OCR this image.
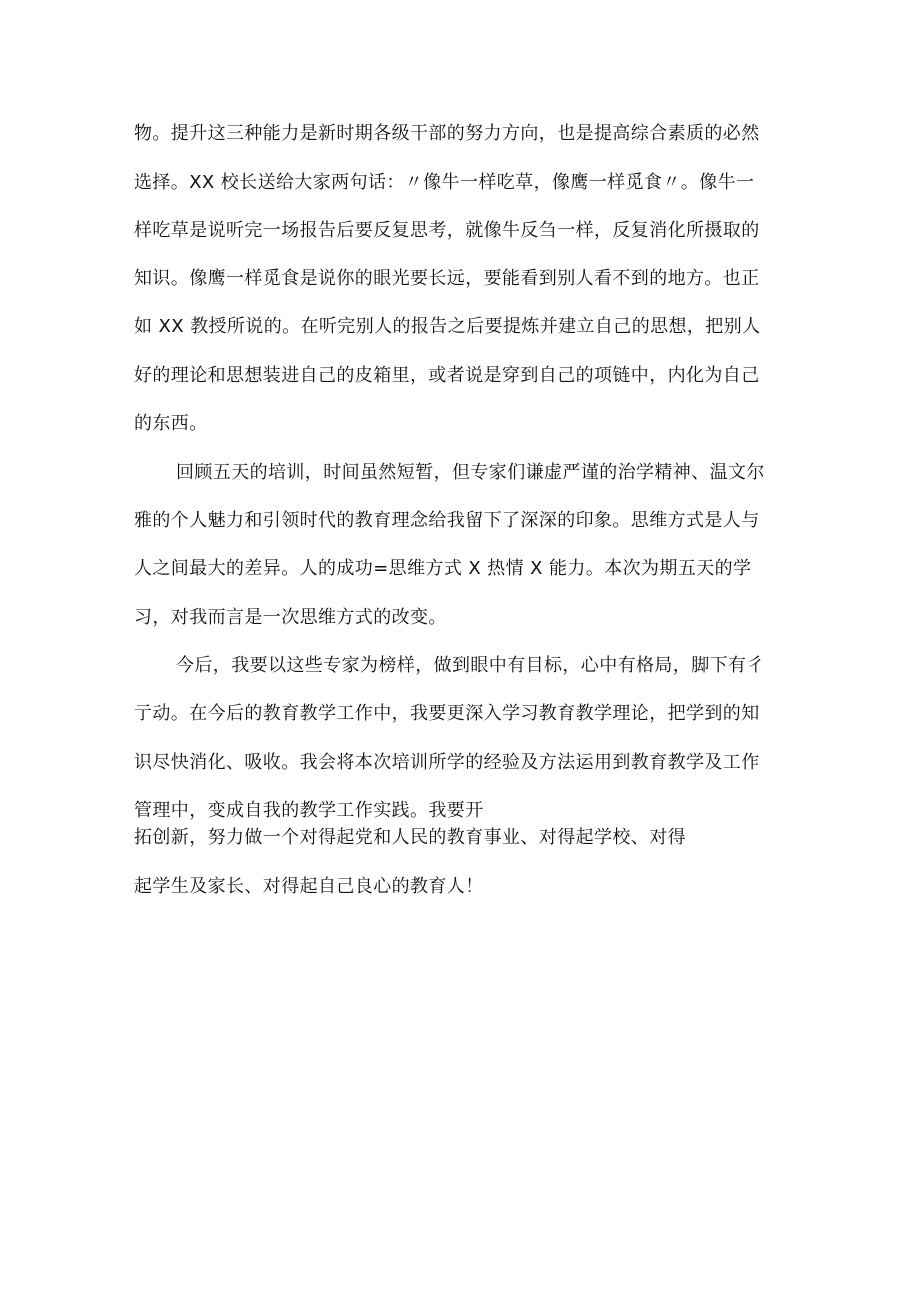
物。提升这三种能力是新时期各级干部的努力方向，也是提高综合素质的必然
选择。XX 校长送给大家两句话：〃像牛一样吃草，像鹰一样觅食〃。像牛一
样吃草是说听完一场报告后要反复思考，就像牛反刍一样，反复消化所摄取的
知识。像鹰一样觅食是说你的眼光要长远，要能看到别人看不到的地方。也正
如 XX 教授所说的。在听完别人的报告之后要提炼并建立自己的思想，把别人
好的理论和思想装进自己的皮箱里，或者说是穿到自己的项链中，内化为自己
的东西。
回顾五天的培训，时间虽然短暂，但专家们谦虚严谨的治学精神、温文尔
雅的个人魅力和引领时代的教育理念给我留下了深深的印象。思维方式是人与
人之间最大的差异。人的成功=思维方式 X 热情 X 能力。本次为期五天的学
习，对我而言是一次思维方式的改变。
今后，我要以这些专家为榜样，做到眼中有目标，心中有格局，脚下有彳
亍动。在今后的教育教学工作中，我要更深入学习教育教学理论，把学到的知
识尽快消化、吸收。我会将本次培训所学的经验及方法运用到教育教学及工作
管理中，变成自我的教学工作实践。我要开
拓创新，努力做一个对得起党和人民的教育事业、对得起学校、对得
起学生及家长、对得起自己良心的教育人！
